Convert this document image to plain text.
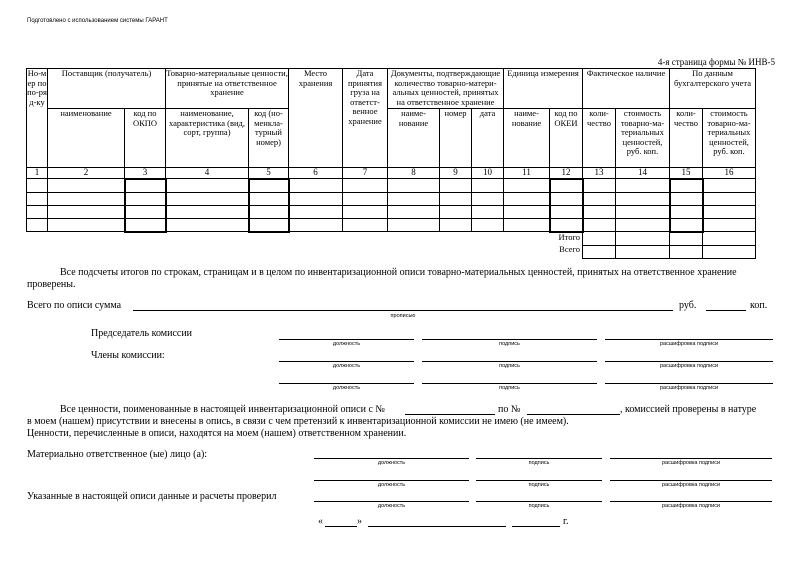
Подготовлено с использованием системы ГАРАНТ
4-я страница формы № ИНВ-5
Но-мер по по-ряд-ку	Поставщик (получатель)		Товарно-материальные ценности, принятые на ответственное хранение		Место хранения	Дата принятия груза на ответст-венное хранение	Документы, подтверждающие количество товарно-матери-альных ценностей, принятых на ответственное хранение			Единица измерения		Фактическое наличие		По данным бухгалтерского учета	
	наименование	код по ОКПО	наименование, характеристика (вид, сорт, группа)	код (но-менкла-турный номер)			наиме-нование	номер	дата	наиме-нование	код по ОКЕИ	коли-чество	стоимость товарно-ма-териальных ценностей, руб. коп.	коли-чество	стоимость товарно-ма-териальных ценностей, руб. коп.
1	2	3	4	5	6	7	8	9	10	11	12	13	14	15	16

											Итого				
											Всего				
Все подсчеты итогов по строкам, страницам и в целом по инвентаризационной описи товарно-материальных ценностей, принятых на ответственное хранение проверены.
Всего по описи сумма
прописью
руб.	коп.
Председатель комиссии
Члены комиссии:
должность	подпись	расшифровка подписи
должность	подпись	расшифровка подписи
должность	подпись	расшифровка подписи
Все ценности, поименованные в настоящей инвентаризационной описи с №	по №	, комиссией проверены в натуре
в моем (нашем) присутствии и внесены в опись, в связи с чем претензий к инвентаризационной комиссии не имею (не имеем).
Ценности, перечисленные в описи, находятся на моем (нашем) ответственном хранении.
Материально ответственное (ые) лицо (а):
должность	подпись	расшифровка подписи
должность	подпись	расшифровка подписи
Указанные в настоящей описи данные и расчеты проверил
должность	подпись	расшифровка подписи
«	»	г.
